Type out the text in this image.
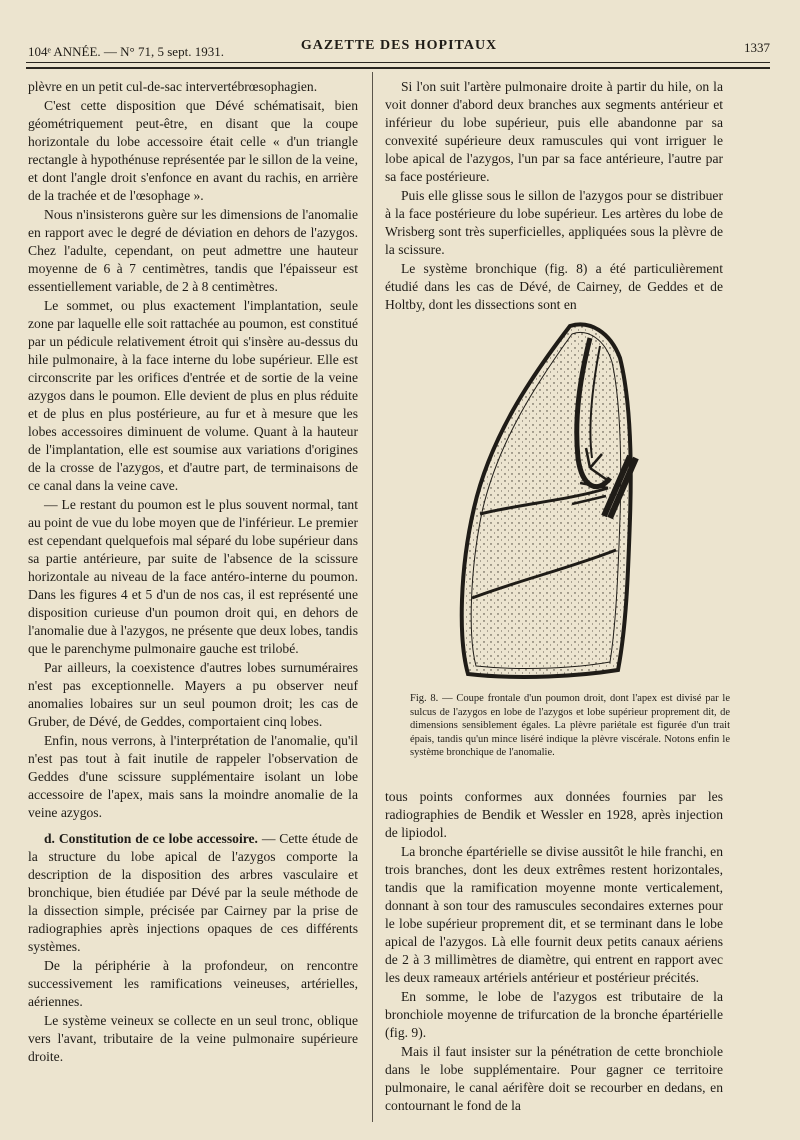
104ᵉ ANNÉE. — N° 71, 5 sept. 1931.	GAZETTE DES HOPITAUX	1337

plèvre en un petit cul-de-sac intervertébrœsophagien.

C'est cette disposition que Dévé schématisait, bien géométriquement peut-être, en disant que la coupe horizontale du lobe accessoire était celle « d'un triangle rectangle à hypothénuse représentée par le sillon de la veine, et dont l'angle droit s'enfonce en avant du rachis, en arrière de la trachée et de l'œsophage ».

Nous n'insisterons guère sur les dimensions de l'anomalie en rapport avec le degré de déviation en dehors de l'azygos. Chez l'adulte, cependant, on peut admettre une hauteur moyenne de 6 à 7 centimètres, tandis que l'épaisseur est essentiellement variable, de 2 à 8 centimètres.

Le sommet, ou plus exactement l'implantation, seule zone par laquelle elle soit rattachée au poumon, est constitué par un pédicule relativement étroit qui s'insère au-dessus du hile pulmonaire, à la face interne du lobe supérieur. Elle est circonscrite par les orifices d'entrée et de sortie de la veine azygos dans le poumon. Elle devient de plus en plus réduite et de plus en plus postérieure, au fur et à mesure que les lobes accessoires diminuent de volume. Quant à la hauteur de l'implantation, elle est soumise aux variations d'origines de la crosse de l'azygos, et d'autre part, de terminaisons de ce canal dans la veine cave.

— Le restant du poumon est le plus souvent normal, tant au point de vue du lobe moyen que de l'inférieur. Le premier est cependant quelquefois mal séparé du lobe supérieur dans sa partie antérieure, par suite de l'absence de la scissure horizontale au niveau de la face antéro-interne du poumon. Dans les figures 4 et 5 d'un de nos cas, il est représenté une disposition curieuse d'un poumon droit qui, en dehors de l'anomalie due à l'azygos, ne présente que deux lobes, tandis que le parenchyme pulmonaire gauche est trilobé.

Par ailleurs, la coexistence d'autres lobes surnuméraires n'est pas exceptionnelle. Mayers a pu observer neuf anomalies lobaires sur un seul poumon droit; les cas de Gruber, de Dévé, de Geddes, comportaient cinq lobes.

Enfin, nous verrons, à l'interprétation de l'anomalie, qu'il n'est pas tout à fait inutile de rappeler l'observation de Geddes d'une scissure supplémentaire isolant un lobe accessoire de l'apex, mais sans la moindre anomalie de la veine azygos.

d. Constitution de ce lobe accessoire. — Cette étude de la structure du lobe apical de l'azygos comporte la description de la disposition des arbres vasculaire et bronchique, bien étudiée par Dévé par la seule méthode de la dissection simple, précisée par Cairney par la prise de radiographies après injections opaques de ces différents systèmes.

De la périphérie à la profondeur, on rencontre successivement les ramifications veineuses, artérielles, aériennes.

Le système veineux se collecte en un seul tronc, oblique vers l'avant, tributaire de la veine pulmonaire supérieure droite.

Si l'on suit l'artère pulmonaire droite à partir du hile, on la voit donner d'abord deux branches aux segments antérieur et inférieur du lobe supérieur, puis elle abandonne par sa convexité supérieure deux ramuscules qui vont irriguer le lobe apical de l'azygos, l'un par sa face antérieure, l'autre par sa face postérieure.

Puis elle glisse sous le sillon de l'azygos pour se distribuer à la face postérieure du lobe supérieur. Les artères du lobe de Wrisberg sont très superficielles, appliquées sous la plèvre de la scissure.

Le système bronchique (fig. 8) a été particulièrement étudié dans les cas de Dévé, de Cairney, de Geddes et de Holtby, dont les dissections sont en

Fig. 8. — Coupe frontale d'un poumon droit, dont l'apex est divisé par le sulcus de l'azygos en lobe de l'azygos et lobe supérieur proprement dit, de dimensions sensiblement égales. La plèvre pariétale est figurée d'un trait épais, tandis qu'un mince liséré indique la plèvre viscérale. Notons enfin le système bronchique de l'anomalie.

tous points conformes aux données fournies par les radiographies de Bendik et Wessler en 1928, après injection de lipiodol.

La bronche épartérielle se divise aussitôt le hile franchi, en trois branches, dont les deux extrêmes restent horizontales, tandis que la ramification moyenne monte verticalement, donnant à son tour des ramuscules secondaires externes pour le lobe supérieur proprement dit, et se terminant dans le lobe apical de l'azygos. Là elle fournit deux petits canaux aériens de 2 à 3 millimètres de diamètre, qui entrent en rapport avec les deux rameaux artériels antérieur et postérieur précités.

En somme, le lobe de l'azygos est tributaire de la bronchiole moyenne de trifurcation de la bronche épartérielle (fig. 9).

Mais il faut insister sur la pénétration de cette bronchiole dans le lobe supplémentaire. Pour gagner ce territoire pulmonaire, le canal aérifère doit se recourber en dedans, en contournant le fond de la
